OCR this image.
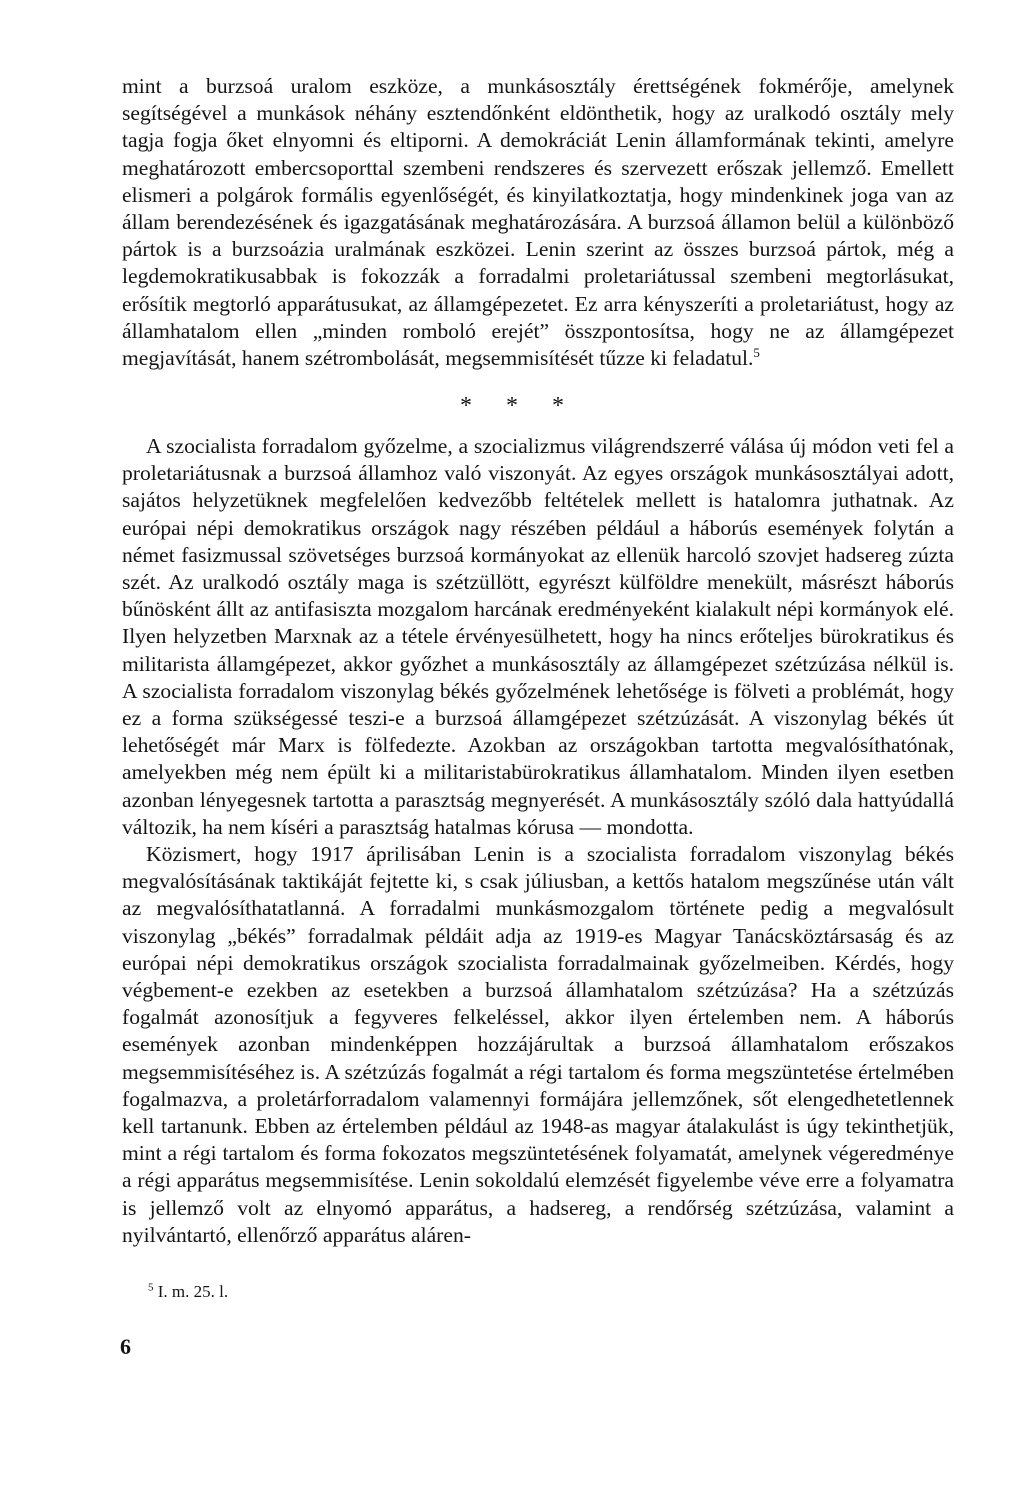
mint a burzsoá uralom eszköze, a munkásosztály érettségének fokmérője, amelynek segítségével a munkások néhány esztendőnként eldönthetik, hogy az uralkodó osztály mely tagja fogja őket elnyomni és eltiporni. A demokráciát Lenin államformának tekinti, amelyre meghatározott embercsoporttal szembeni rendszeres és szervezett erőszak jellemző. Emellett elismeri a polgárok formális egyenlőségét, és kinyilatkoztatja, hogy mindenkinek joga van az állam berendezésének és igazgatásának meghatározására. A burzsoá államon belül a különböző pártok is a burzsoázia uralmának eszközei. Lenin szerint az összes burzsoá pártok, még a legdemokratikusabbak is fokozzák a forradalmi proletariátussal szembeni megtorlásukat, erősítik megtorló apparátusukat, az államgépezetet. Ez arra kényszeríti a proletariátust, hogy az államhatalom ellen „minden romboló erejét” összpontosítsa, hogy ne az államgépezet megjavítását, hanem szétrombolását, megsemmisítését tűzze ki feladatul.$^5$

* * *

A szocialista forradalom győzelme, a szocializmus világrendszerré válása új módon veti fel a proletariátusnak a burzsoá államhoz való viszonyát. Az egyes országok munkásosztályai adott, sajátos helyzetüknek megfelelően kedvezőbb feltételek mellett is hatalomra juthatnak. Az európai népi demokratikus országok nagy részében például a háborús események folytán a német fasizmussal szövetséges burzsoá kormányokat az ellenük harcoló szovjet hadsereg zúzta szét. Az uralkodó osztály maga is szétzüllött, egyrészt külföldre menekült, másrészt háborús bűnösként állt az antifasiszta mozgalom harcának eredményeként kialakult népi kormányok elé. Ilyen helyzetben Marxnak az a tétele érvényesülhetett, hogy ha nincs erőteljes bürokratikus és militarista államgépezet, akkor győzhet a munkásosztály az államgépezet szétzúzása nélkül is. A szocialista forradalom viszonylag békés győzelmének lehetősége is fölveti a problémát, hogy ez a forma szükségessé teszi-e a burzsoá államgépezet szétzúzását. A viszonylag békés út lehetőségét már Marx is fölfedezte. Azokban az országokban tartotta megvalósíthatónak, amelyekben még nem épült ki a militaristabürokratikus államhatalom. Minden ilyen esetben azonban lényegesnek tartotta a parasztság megnyerését. A munkásosztály szóló dala hattyúdallá változik, ha nem kíséri a parasztság hatalmas kórusa — mondotta.

Közismert, hogy 1917 áprilisában Lenin is a szocialista forradalom viszonylag békés megvalósításának taktikáját fejtette ki, s csak júliusban, a kettős hatalom megszűnése után vált az megvalósíthatatlanná. A forradalmi munkásmozgalom története pedig a megvalósult viszonylag „békés” forradalmak példáit adja az 1919-es Magyar Tanácsköztársaság és az európai népi demokratikus országok szocialista forradalmainak győzelmeiben. Kérdés, hogy végbement-e ezekben az esetekben a burzsoá államhatalom szétzúzása? Ha a szétzúzás fogalmát azonosítjuk a fegyveres felkeléssel, akkor ilyen értelemben nem. A háborús események azonban mindenképpen hozzájárultak a burzsoá államhatalom erőszakos megsemmisítéséhez is. A szétzúzás fogalmát a régi tartalom és forma megszüntetése értelmében fogalmazva, a proletárforradalom valamennyi formájára jellemzőnek, sőt elengedhetetlennek kell tartanunk. Ebben az értelemben például az 1948-as magyar átalakulást is úgy tekinthetjük, mint a régi tartalom és forma fokozatos megszüntetésének folyamatát, amelynek végeredménye a régi apparátus megsemmisítése. Lenin sokoldalú elemzését figyelembe véve erre a folyamatra is jellemző volt az elnyomó apparátus, a hadsereg, a rendőrség szétzúzása, valamint a nyilvántartó, ellenőrző apparátus aláren-

$^5$ I. m. 25. l.
6
